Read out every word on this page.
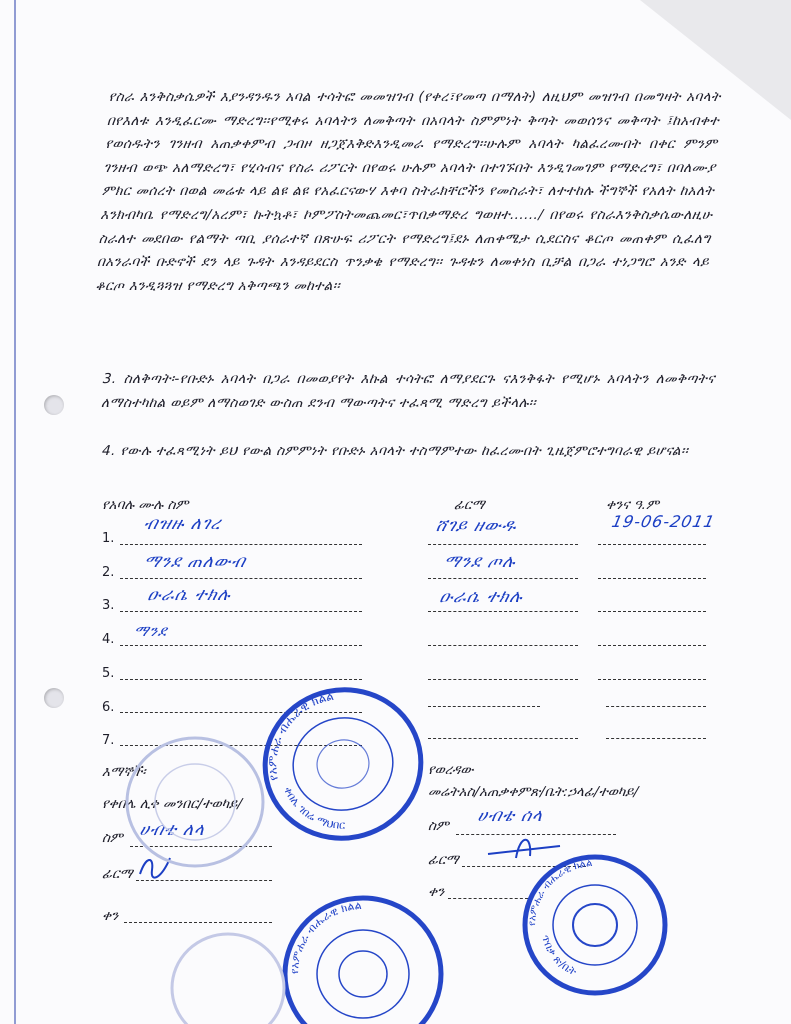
የስራ እንቅስቃሴዎች እያንዳንዱን አባል ተሳትፎ መመዝገብ (የቀረ፣የመጣ በማለት) ለዚህም መዝገብ በመግዛት አባላት በየእለቱ እንዲፈርሙ ማድረግ፡፡የሚቀሩ አባላትን ለመቅጣት በአባላት ስምምነት ቅጣት መወሰንና መቅጣት ፤ከአብቀተ የወሰዱትን ገንዘብ አጠቃቀምብ ጋብዞ ዘጋጀእቅድእንዲመራ የማድረግ፡፡ሁሉም አባላት ካልፈረሙበት በቀር ምንም ገንዘብ ወጭ አለማድረግ፣ የሂሳብና የስራ ሪፖርት በየወሩ ሁሉም አባላት በተገኙበት እንዲገመገም የማድረግ፣ በባለሙያ ምክር መሰረት በወል መሬቱ ላይ ልዩ ልዩ የአፈርናውሃ እቀባ ስትራክቸሮችን የመስራት፣ ለተተከሉ ችግኞች የአለት ከአለት እንክብካቤ የማድረግ/አረም፣ ኩትኳቶ፣ ኮምፖስትመጨመር፣ጥበቃማድረ ግወዘተ....../ በየወሩ የስራእንቅስቃሴውለዚሁ ስራለተ መደበው የልማት ጣቢ ያሰራተኛ በጽሁፍ ሪፖርት የማድረግ፤ደኑ ለጠቀሜታ ሲደርስና ቆርጦ መጠቀም ሲፈለግ በአንራባች ቡድኖች ደን ላይ ጉዳት እንዳይደርስ ጥንቃቄ የማድረግ፡፡ ጉዳቱን ለመቀነስ ቢቻል በጋራ ተነጋግሮ አንድ ላይ ቆርጦ እንዲጓጓዝ የማድረግ አቅጣጫን መከተል፡፡

3. ስለቅጣት፡-የቡድኑ አባላት በጋራ በመወያየት እኩል ተሳትፎ ለማያደርጉ ናእንቅፋት የሚሆኑ አባላትን ለመቅጣትና ለማስተካከል ወይም ለማስወገድ ውስጠ ደንብ ማውጣትና ተፈጻሚ ማድረግ ይችላሉ፡፡

4. የውሉ ተፈጻሚነት ይህ የውል ስምምነት የቡድኑ አባላት ተስማምተው ከፈረሙበት ጊዜጀምሮተግባራዊ ይሆናል፡፡

የአባሉ ሙሉ ስም	ፊርማ	ቀንና ዓ.ም
1.
ብዝዙ ለገረ	ሸገይ ዘውዱ	19-06-2011
2.
ማንደ ጠለውብ	ማንደ ጦሉ
3.
ዑራሴ ተክሉ	ዑራሴ ተክሉ
4. ማንደ
5.
6.
7.
እማኞች፡
የቀበሌ ሊቀ መንበር/ተወካይ/
ስም ሀብቴ ለላ
ፊርማ
ቀን
የወረዳው
መሬትአስ/አጠቃቀምጽ/ቤት:ኃላፊ/ተወካይ/
ስም ሀብቴ ሰላ
ፊርማ
ቀን
የአምሐራ ብሔራዊ ክልል
ቀበሌ ገበሬ ማህበር
የአምሐራ ብሔራዊ ክልል
ጥበቃ ጽ/ቤት
የአምሐራ ብሔራዊ ክልል
